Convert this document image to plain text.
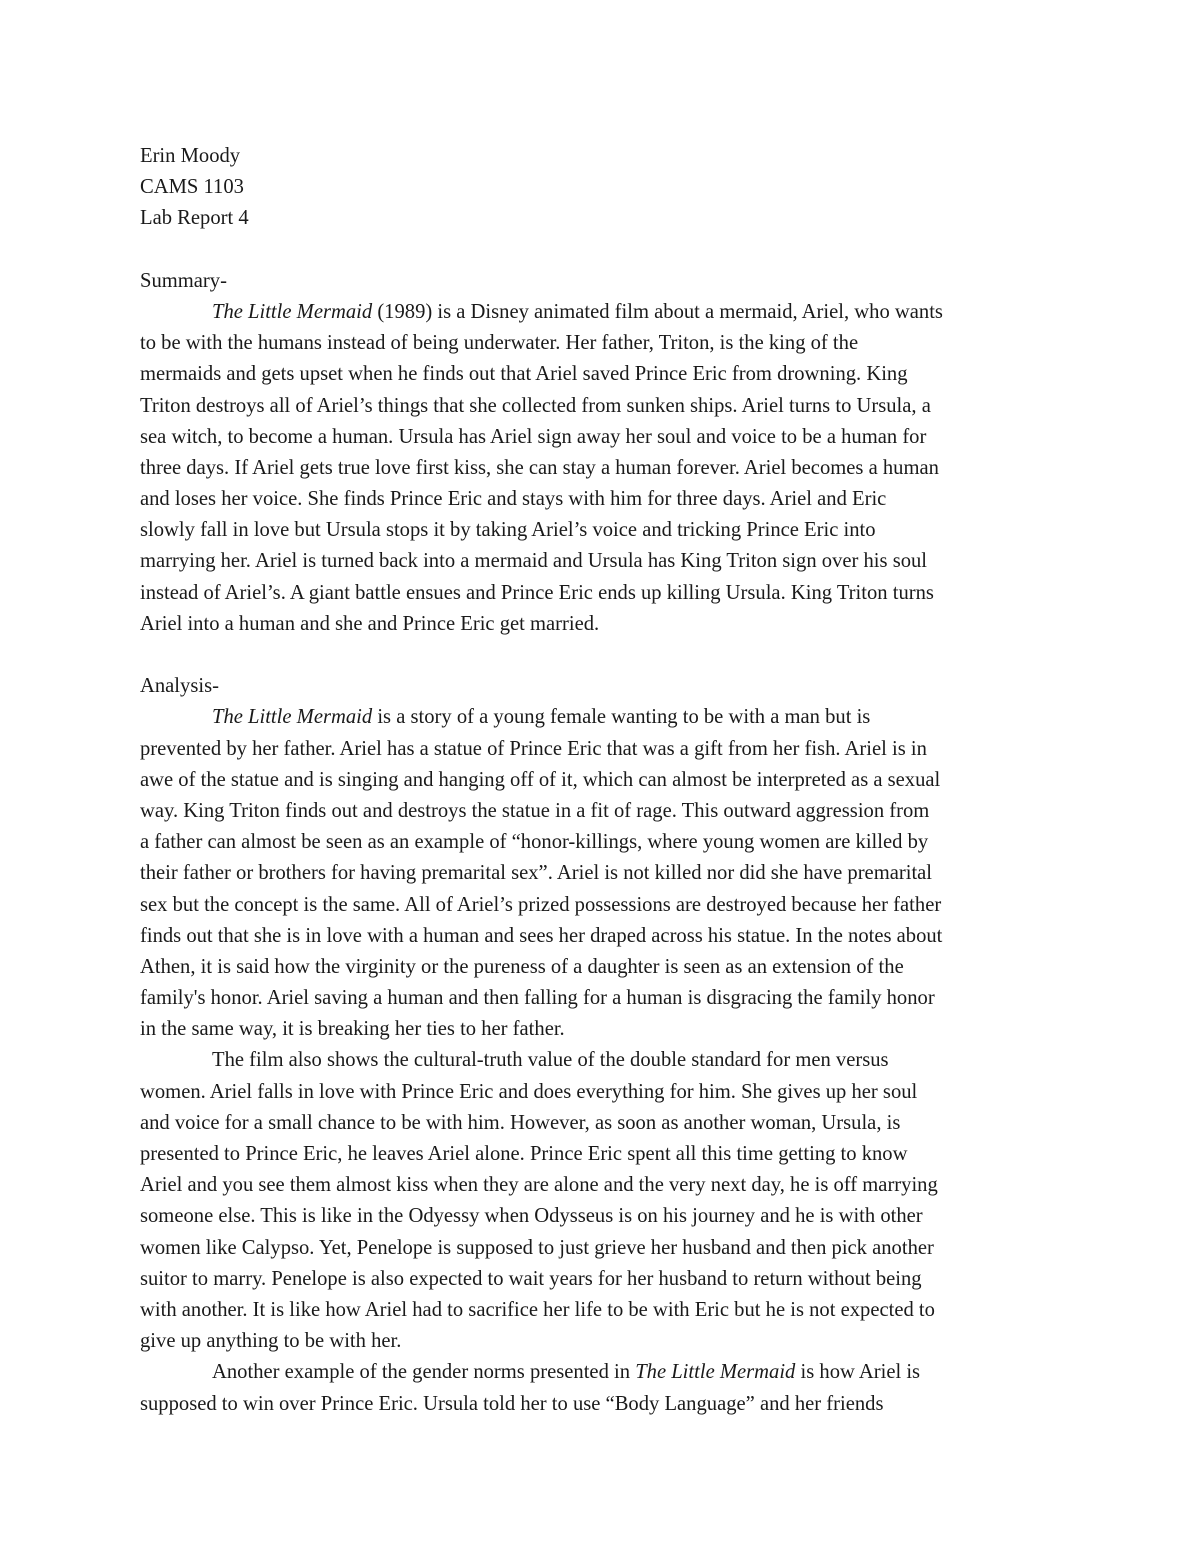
Erin Moody
CAMS 1103
Lab Report 4
Summary-
The Little Mermaid (1989) is a Disney animated film about a mermaid, Ariel, who wants
to be with the humans instead of being underwater. Her father, Triton, is the king of the
mermaids and gets upset when he finds out that Ariel saved Prince Eric from drowning. King
Triton destroys all of Ariel’s things that she collected from sunken ships. Ariel turns to Ursula, a
sea witch, to become a human. Ursula has Ariel sign away her soul and voice to be a human for
three days. If Ariel gets true love first kiss, she can stay a human forever. Ariel becomes a human
and loses her voice. She finds Prince Eric and stays with him for three days. Ariel and Eric
slowly fall in love but Ursula stops it by taking Ariel’s voice and tricking Prince Eric into
marrying her. Ariel is turned back into a mermaid and Ursula has King Triton sign over his soul
instead of Ariel’s. A giant battle ensues and Prince Eric ends up killing Ursula. King Triton turns
Ariel into a human and she and Prince Eric get married.
Analysis-
The Little Mermaid is a story of a young female wanting to be with a man but is
prevented by her father. Ariel has a statue of Prince Eric that was a gift from her fish. Ariel is in
awe of the statue and is singing and hanging off of it, which can almost be interpreted as a sexual
way. King Triton finds out and destroys the statue in a fit of rage. This outward aggression from
a father can almost be seen as an example of “honor-killings, where young women are killed by
their father or brothers for having premarital sex”. Ariel is not killed nor did she have premarital
sex but the concept is the same. All of Ariel’s prized possessions are destroyed because her father
finds out that she is in love with a human and sees her draped across his statue. In the notes about
Athen, it is said how the virginity or the pureness of a daughter is seen as an extension of the
family's honor. Ariel saving a human and then falling for a human is disgracing the family honor
in the same way, it is breaking her ties to her father.
The film also shows the cultural-truth value of the double standard for men versus
women. Ariel falls in love with Prince Eric and does everything for him. She gives up her soul
and voice for a small chance to be with him. However, as soon as another woman, Ursula, is
presented to Prince Eric, he leaves Ariel alone. Prince Eric spent all this time getting to know
Ariel and you see them almost kiss when they are alone and the very next day, he is off marrying
someone else. This is like in the Odyessy when Odysseus is on his journey and he is with other
women like Calypso. Yet, Penelope is supposed to just grieve her husband and then pick another
suitor to marry. Penelope is also expected to wait years for her husband to return without being
with another. It is like how Ariel had to sacrifice her life to be with Eric but he is not expected to
give up anything to be with her.
Another example of the gender norms presented in The Little Mermaid is how Ariel is
supposed to win over Prince Eric. Ursula told her to use “Body Language” and her friends
